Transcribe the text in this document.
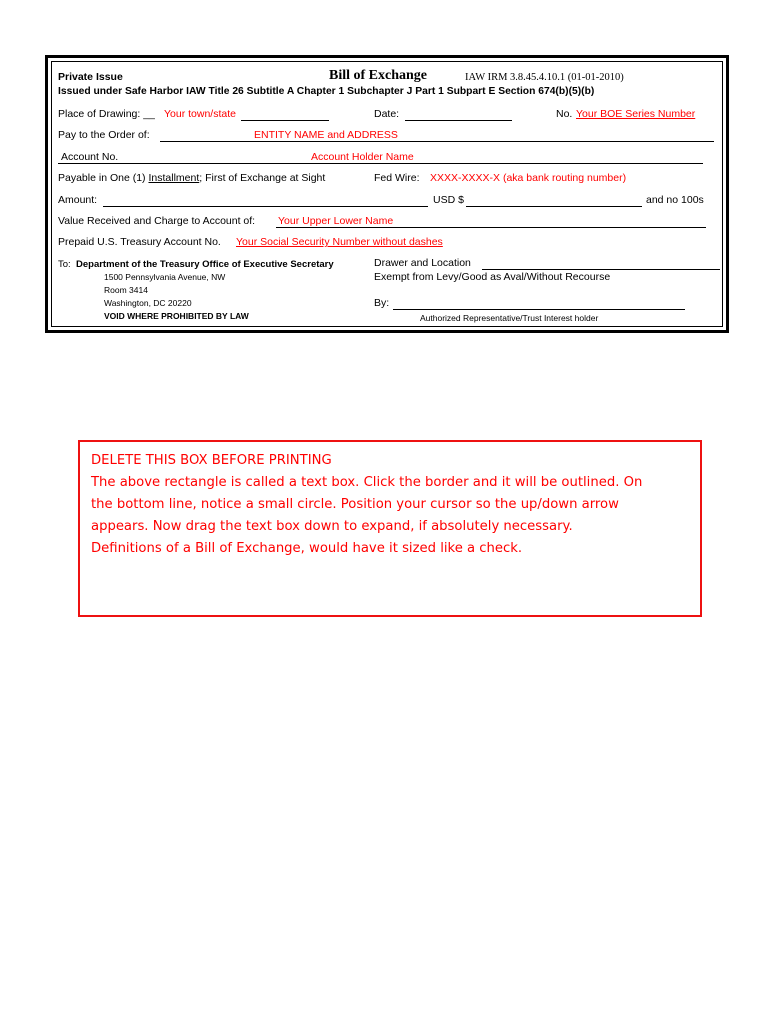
Private Issue	Bill of Exchange	IAW IRM 3.8.45.4.10.1 (01-01-2010)
Issued under Safe Harbor IAW Title 26 Subtitle A Chapter 1 Subchapter J Part 1 Subpart E Section 674(b)(5)(b)
Place of Drawing: __ Your town/state	Date:	No. Your BOE Series Number
Pay to the Order of:	ENTITY NAME and ADDRESS
Account No.	Account Holder Name
Payable in One (1) Installment; First of Exchange at Sight	Fed Wire: XXXX-XXXX-X (aka bank routing number)
Amount:	USD $	and no 100s
Value Received and Charge to Account of: Your Upper Lower Name
Prepaid U.S. Treasury Account No. Your Social Security Number without dashes
To: Department of the Treasury Office of Executive Secretary
1500 Pennsylvania Avenue, NW
Room 3414
Washington, DC 20220
VOID WHERE PROHIBITED BY LAW
Drawer and Location
Exempt from Levy/Good as Aval/Without Recourse
By:
Authorized Representative/Trust Interest holder
DELETE THIS BOX BEFORE PRINTING
The above rectangle is called a text box. Click the border and it will be outlined. On
the bottom line, notice a small circle. Position your cursor so the up/down arrow
appears. Now drag the text box down to expand, if absolutely necessary.
Definitions of a Bill of Exchange, would have it sized like a check.
